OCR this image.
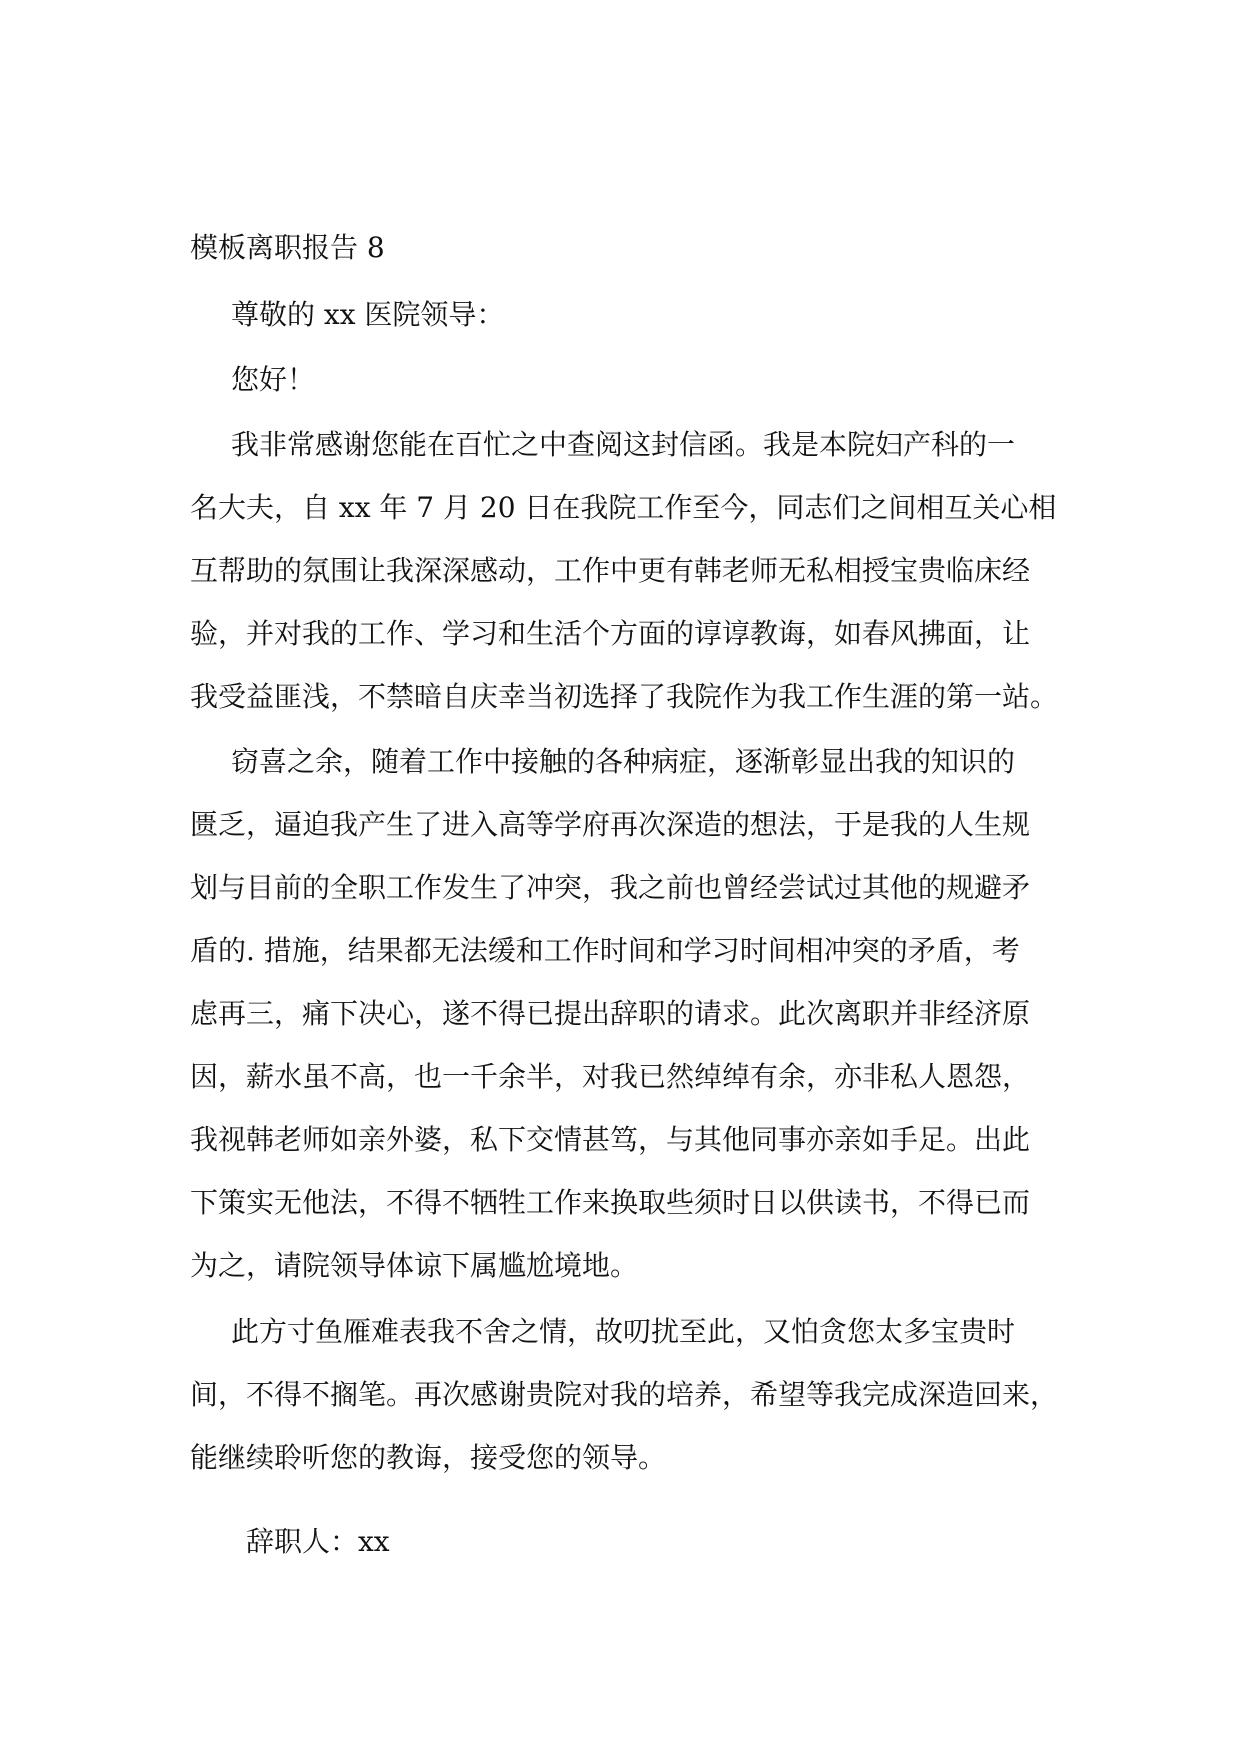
模板离职报告 8

尊敬的 xx 医院领导：

您好！

我非常感谢您能在百忙之中查阅这封信函。我是本院妇产科的一

名大夫，自 xx 年 7 月 20 日在我院工作至今，同志们之间相互关心相

互帮助的氛围让我深深感动，工作中更有韩老师无私相授宝贵临床经

验，并对我的工作、学习和生活个方面的谆谆教诲，如春风拂面，让

我受益匪浅，不禁暗自庆幸当初选择了我院作为我工作生涯的第一站。

窃喜之余，随着工作中接触的各种病症，逐渐彰显出我的知识的

匮乏，逼迫我产生了进入高等学府再次深造的想法，于是我的人生规

划与目前的全职工作发生了冲突，我之前也曾经尝试过其他的规避矛

盾的. 措施，结果都无法缓和工作时间和学习时间相冲突的矛盾，考

虑再三，痛下决心，遂不得已提出辞职的请求。此次离职并非经济原

因，薪水虽不高，也一千余半，对我已然绰绰有余，亦非私人恩怨，

我视韩老师如亲外婆，私下交情甚笃，与其他同事亦亲如手足。出此

下策实无他法，不得不牺牲工作来换取些须时日以供读书，不得已而

为之，请院领导体谅下属尴尬境地。

此方寸鱼雁难表我不舍之情，故叨扰至此，又怕贪您太多宝贵时

间，不得不搁笔。再次感谢贵院对我的培养，希望等我完成深造回来，

能继续聆听您的教诲，接受您的领导。

辞职人：xx
